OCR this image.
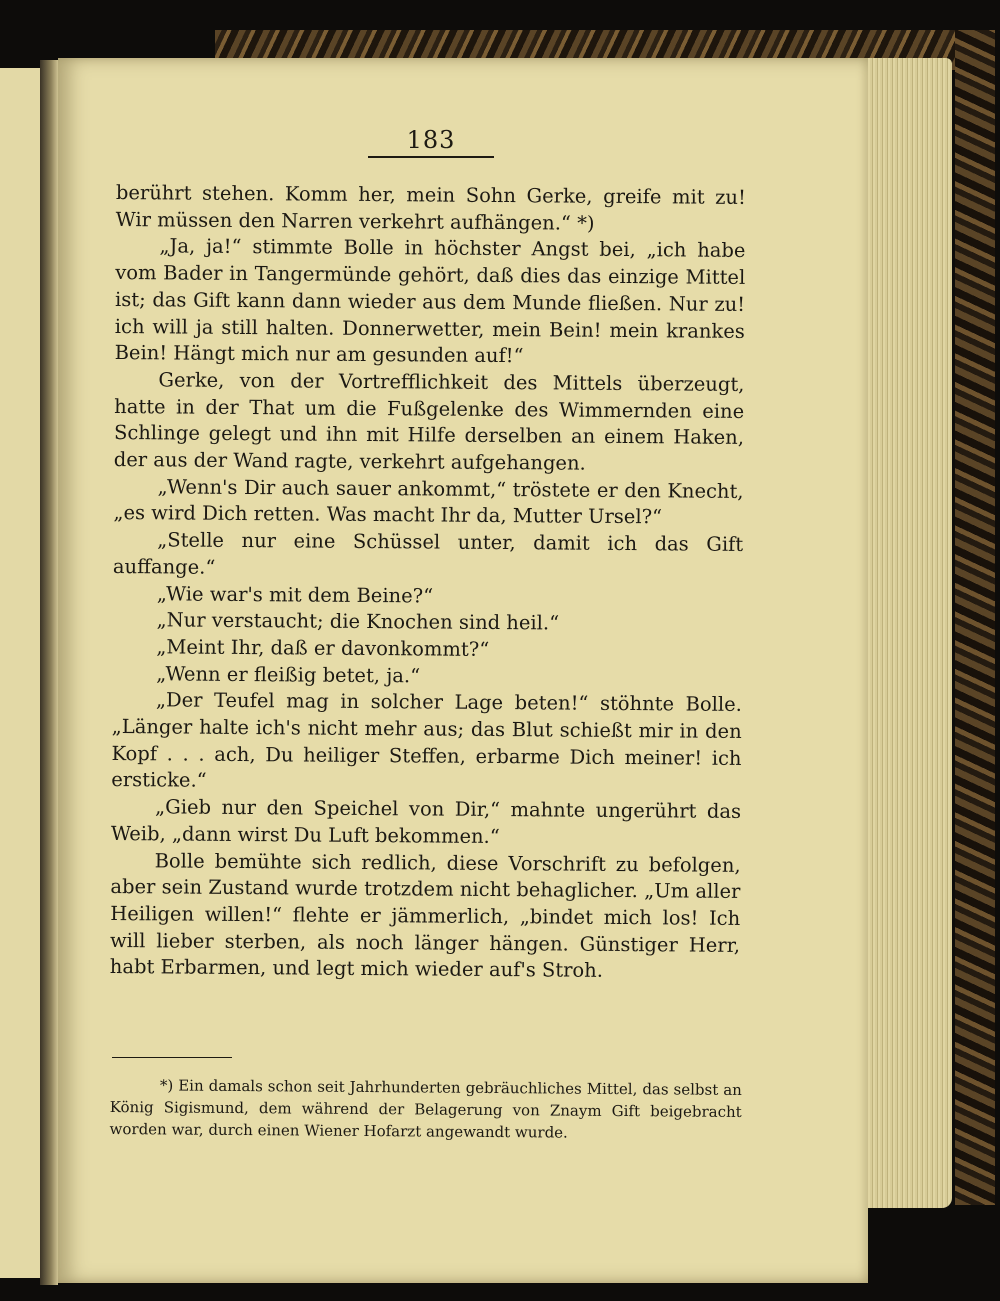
183

berührt stehen. Komm her, mein Sohn Gerke, greife mit zu! Wir müssen den Narren verkehrt aufhängen.“ *)

„Ja, ja!“ stimmte Bolle in höchster Angst bei, „ich habe vom Bader in Tangermünde gehört, daß dies das einzige Mittel ist; das Gift kann dann wieder aus dem Munde fließen. Nur zu! ich will ja still halten. Donnerwetter, mein Bein! mein krankes Bein! Hängt mich nur am gesunden auf!“

Gerke, von der Vortrefflichkeit des Mittels überzeugt, hatte in der That um die Fußgelenke des Wimmernden eine Schlinge gelegt und ihn mit Hilfe derselben an einem Haken, der aus der Wand ragte, verkehrt aufgehangen.

„Wenn's Dir auch sauer ankommt,“ tröstete er den Knecht, „es wird Dich retten. Was macht Ihr da, Mutter Ursel?“

„Stelle nur eine Schüssel unter, damit ich das Gift auffange.“

„Wie war's mit dem Beine?“

„Nur verstaucht; die Knochen sind heil.“

„Meint Ihr, daß er davonkommt?“

„Wenn er fleißig betet, ja.“

„Der Teufel mag in solcher Lage beten!“ stöhnte Bolle. „Länger halte ich's nicht mehr aus; das Blut schießt mir in den Kopf . . . ach, Du heiliger Steffen, erbarme Dich meiner! ich ersticke.“

„Gieb nur den Speichel von Dir,“ mahnte ungerührt das Weib, „dann wirst Du Luft bekommen.“

Bolle bemühte sich redlich, diese Vorschrift zu befolgen, aber sein Zustand wurde trotzdem nicht behaglicher. „Um aller Heiligen willen!“ flehte er jämmerlich, „bindet mich los! Ich will lieber sterben, als noch länger hängen. Günstiger Herr, habt Erbarmen, und legt mich wieder auf's Stroh.

*) Ein damals schon seit Jahrhunderten gebräuchliches Mittel, das selbst an König Sigismund, dem während der Belagerung von Znaym Gift beigebracht worden war, durch einen Wiener Hofarzt angewandt wurde.
